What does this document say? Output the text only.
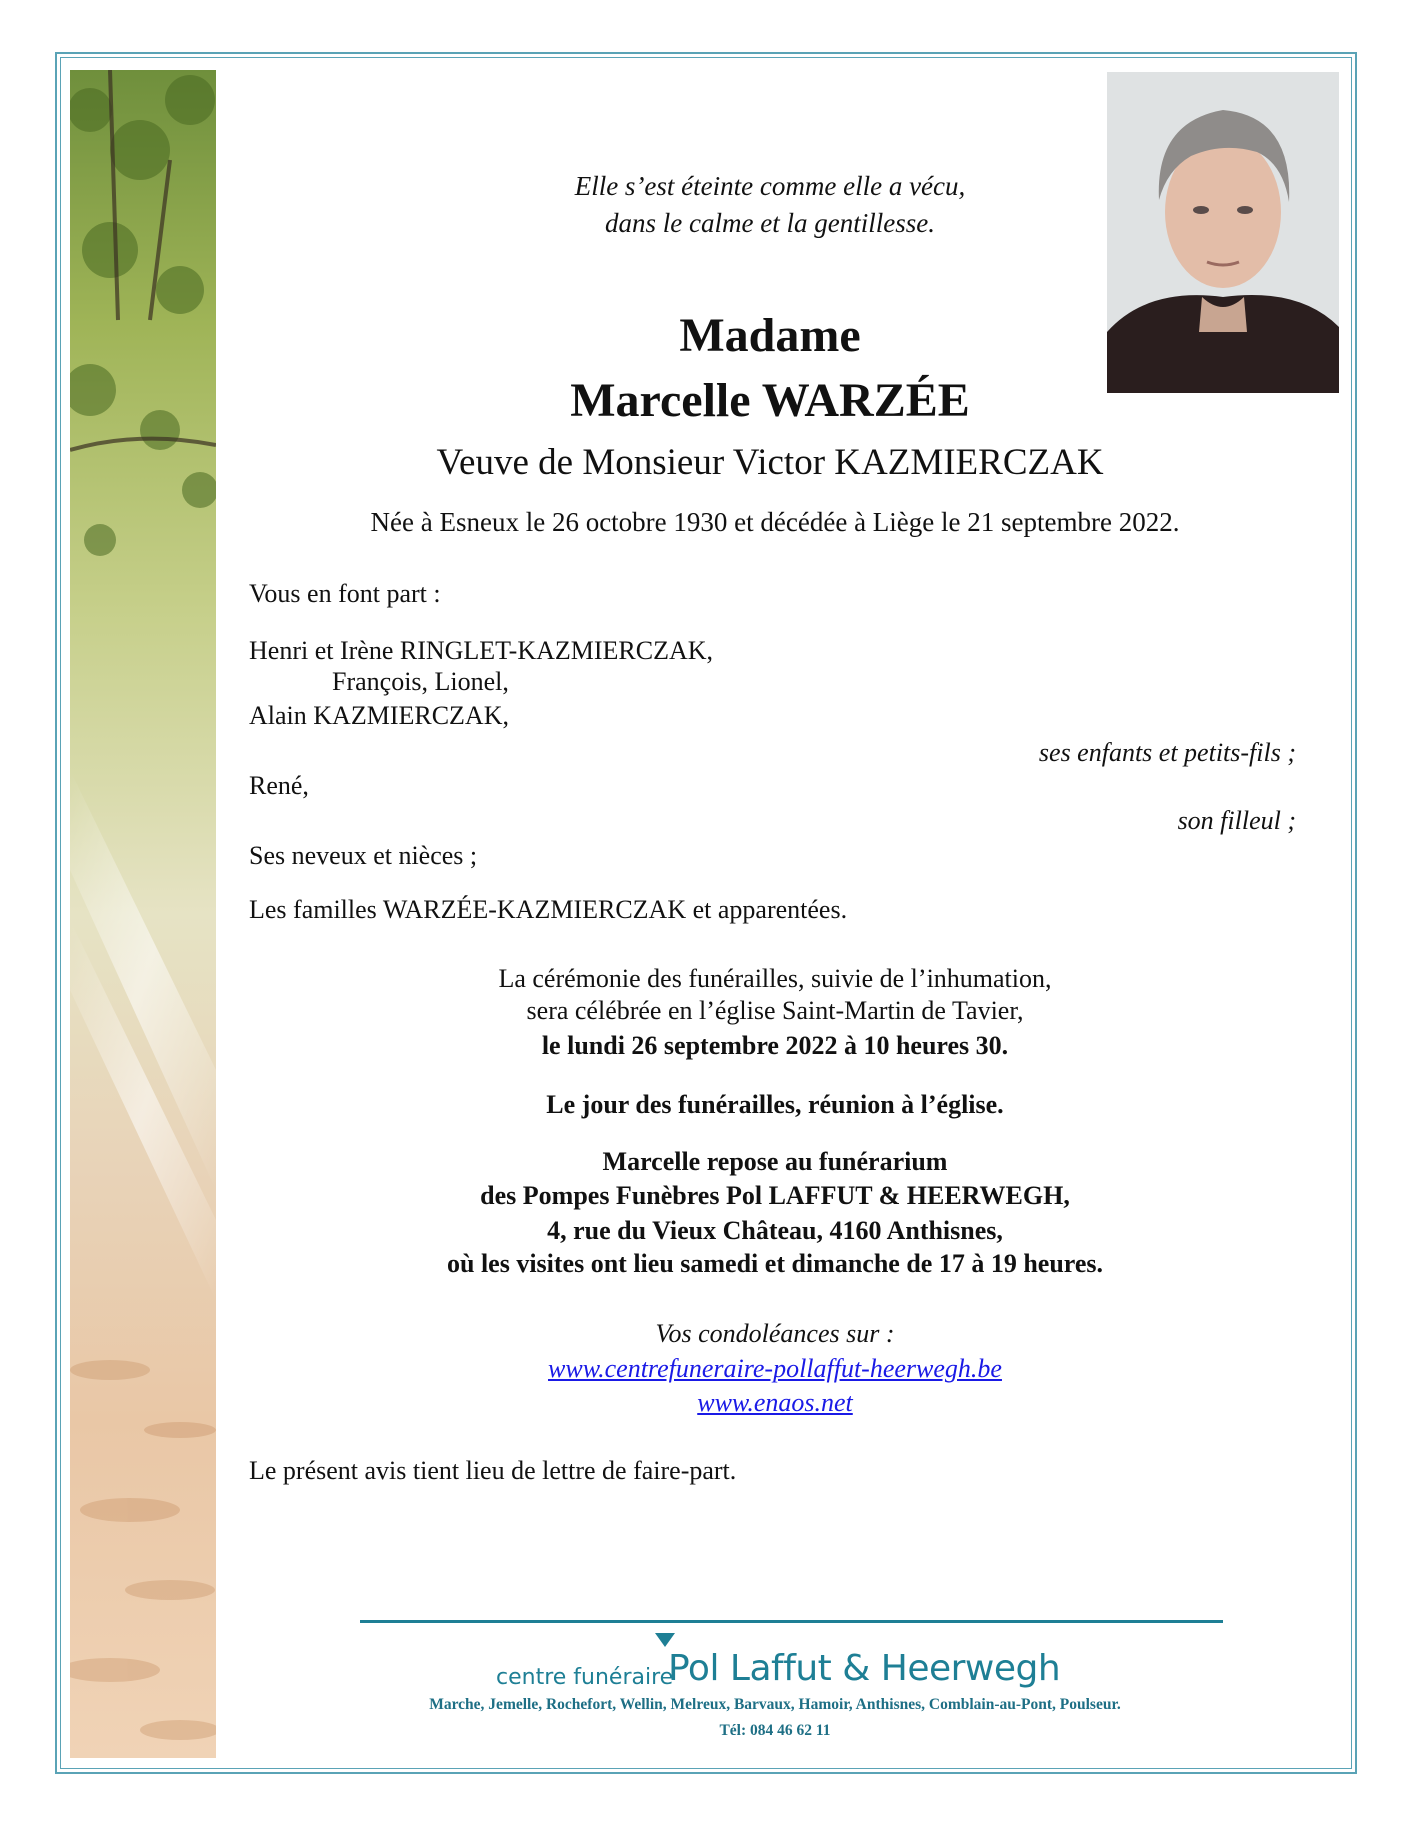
Elle s’est éteinte comme elle a vécu,
dans le calme et la gentillesse.
Madame
Marcelle WARZÉE
Veuve de Monsieur Victor KAZMIERCZAK
Née à Esneux le 26 octobre 1930 et décédée à Liège le 21 septembre 2022.
Vous en font part :
Henri et Irène RINGLET-KAZMIERCZAK,
François, Lionel,
Alain KAZMIERCZAK,
ses enfants et petits-fils ;
René,
son filleul ;
Ses neveux et nièces ;
Les familles WARZÉE-KAZMIERCZAK et apparentées.
La cérémonie des funérailles, suivie de l’inhumation,
sera célébrée en l’église Saint-Martin de Tavier,
le lundi 26 septembre 2022 à 10 heures 30.
Le jour des funérailles, réunion à l’église.
Marcelle repose au funérarium
des Pompes Funèbres Pol LAFFUT & HEERWEGH,
4, rue du Vieux Château, 4160 Anthisnes,
où les visites ont lieu samedi et dimanche de 17 à 19 heures.
Vos condoléances sur :
www.centrefuneraire-pollaffut-heerwegh.be
www.enaos.net
Le présent avis tient lieu de lettre de faire-part.
centre funéraire
Pol Laffut & Heerwegh
Marche, Jemelle, Rochefort, Wellin, Melreux, Barvaux, Hamoir, Anthisnes, Comblain-au-Pont, Poulseur.
Tél: 084 46 62 11
